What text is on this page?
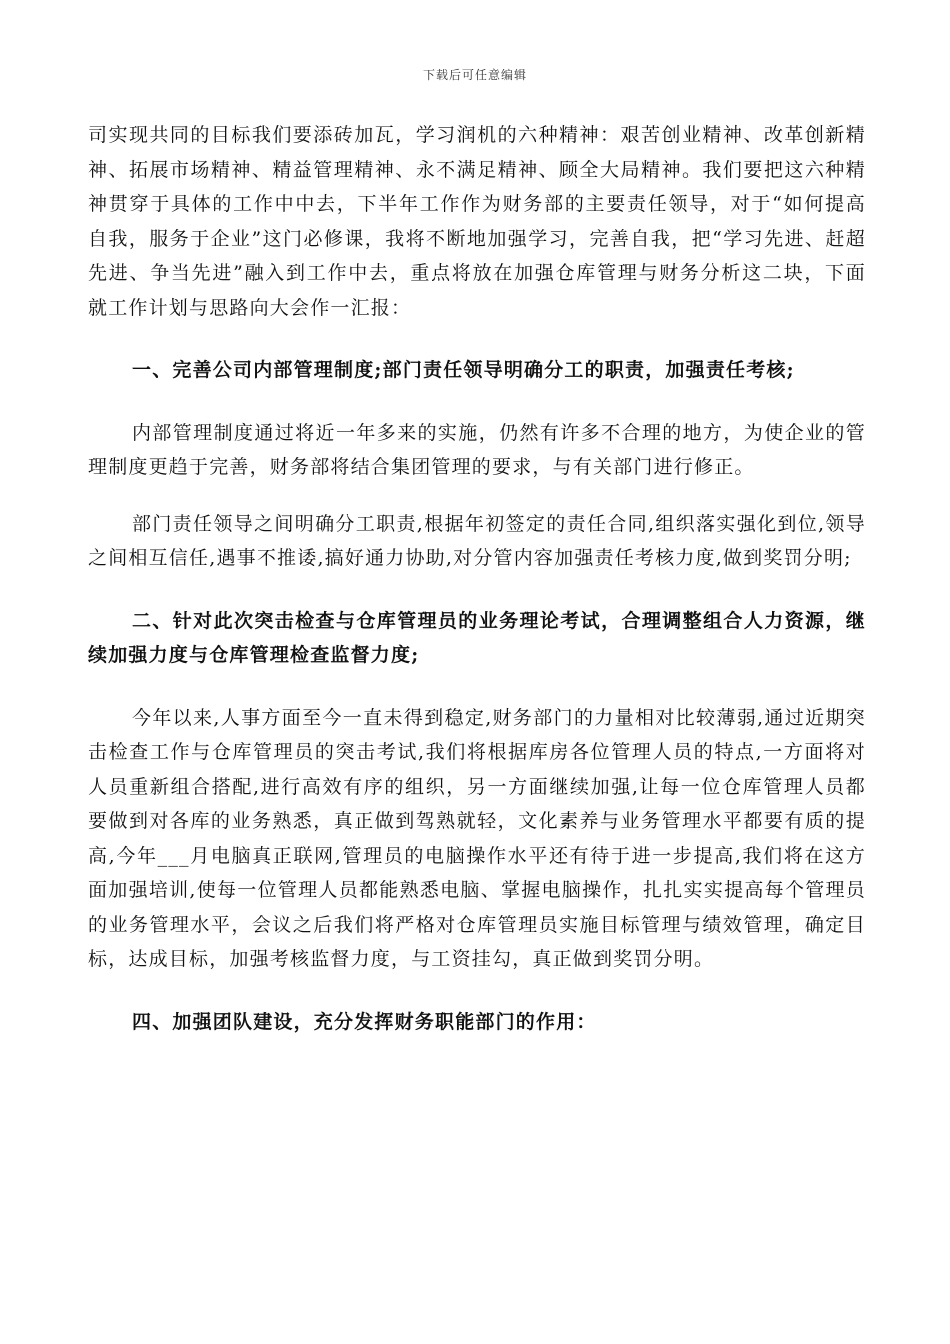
下载后可任意编辑

司实现共同的目标我们要添砖加瓦，学习润机的六种精神：艰苦创业精神、改革创新精神、拓展市场精神、精益管理精神、永不满足精神、顾全大局精神。我们要把这六种精神贯穿于具体的工作中中去，下半年工作作为财务部的主要责任领导，对于“如何提高自我，服务于企业”这门必修课，我将不断地加强学习，完善自我，把“学习先进、赶超先进、争当先进”融入到工作中去，重点将放在加强仓库管理与财务分析这二块，下面就工作计划与思路向大会作一汇报：

一、完善公司内部管理制度;部门责任领导明确分工的职责，加强责任考核;

内部管理制度通过将近一年多来的实施，仍然有许多不合理的地方，为使企业的管理制度更趋于完善，财务部将结合集团管理的要求，与有关部门进行修正。

部门责任领导之间明确分工职责,根据年初签定的责任合同,组织落实强化到位,领导之间相互信任,遇事不推诿,搞好通力协助,对分管内容加强责任考核力度,做到奖罚分明;

二、针对此次突击检查与仓库管理员的业务理论考试，合理调整组合人力资源，继续加强力度与仓库管理检查监督力度;

今年以来,人事方面至今一直未得到稳定,财务部门的力量相对比较薄弱,通过近期突击检查工作与仓库管理员的突击考试,我们将根据库房各位管理人员的特点,一方面将对人员重新组合搭配,进行高效有序的组织，另一方面继续加强,让每一位仓库管理人员都要做到对各库的业务熟悉，真正做到驾熟就轻，文化素养与业务管理水平都要有质的提高,今年___月电脑真正联网,管理员的电脑操作水平还有待于进一步提高,我们将在这方面加强培训,使每一位管理人员都能熟悉电脑、掌握电脑操作，扎扎实实提高每个管理员的业务管理水平，会议之后我们将严格对仓库管理员实施目标管理与绩效管理，确定目标，达成目标，加强考核监督力度，与工资挂勾，真正做到奖罚分明。

四、加强团队建设，充分发挥财务职能部门的作用：
